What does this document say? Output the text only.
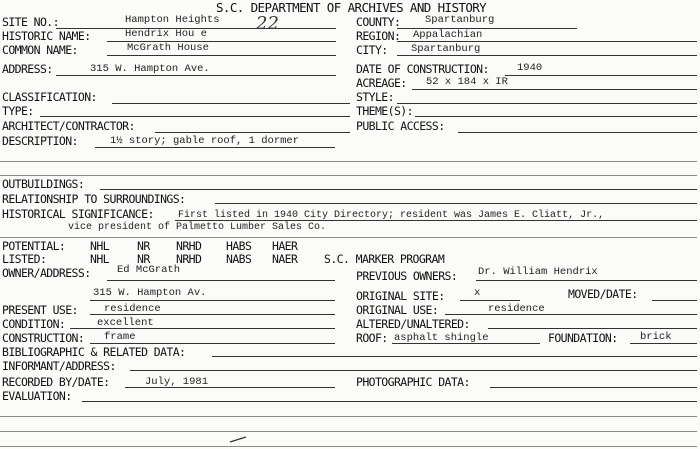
S.C. DEPARTMENT OF ARCHIVES AND HISTORY
22
SITE NO.:	Hampton Heights
HISTORIC NAME:	Hendrix Hou e
COMMON NAME:	McGrath House
ADDRESS:	315 W. Hampton Ave.
COUNTY: Spartanburg
REGION: Appalachian
CITY: Spartanburg
DATE OF CONSTRUCTION:	1940
ACREAGE: 52 x 184 x IR
CLASSIFICATION:
TYPE:
ARCHITECT/CONTRACTOR:
STYLE:
THEME(S):
PUBLIC ACCESS:
DESCRIPTION:	1½ story; gable roof, 1 dormer
OUTBUILDINGS:
RELATIONSHIP TO SURROUNDINGS:
HISTORICAL SIGNIFICANCE: First listed in 1940 City Directory; resident was James E. Cliatt, Jr.,
vice president of Palmetto Lumber Sales Co.
POTENTIAL: NHL NR NRHD HABS HAER
LISTED:	NHL NR NRHD NABS NAER S.C. MARKER PROGRAM
OWNER/ADDRESS:	Ed McGrath
315 W. Hampton Av.
PREVIOUS OWNERS: Dr. William Hendrix
ORIGINAL SITE:	x	MOVED/DATE:
PRESENT USE: residence	ORIGINAL USE:	residence
CONDITION:	excellent	ALTERED/UNALTERED:
CONSTRUCTION: frame	ROOF: asphalt shingle	FOUNDATION: brick
BIBLIOGRAPHIC & RELATED DATA:
INFORMANT/ADDRESS:
RECORDED BY/DATE:	July, 1981	PHOTOGRAPHIC DATA:
EVALUATION:
